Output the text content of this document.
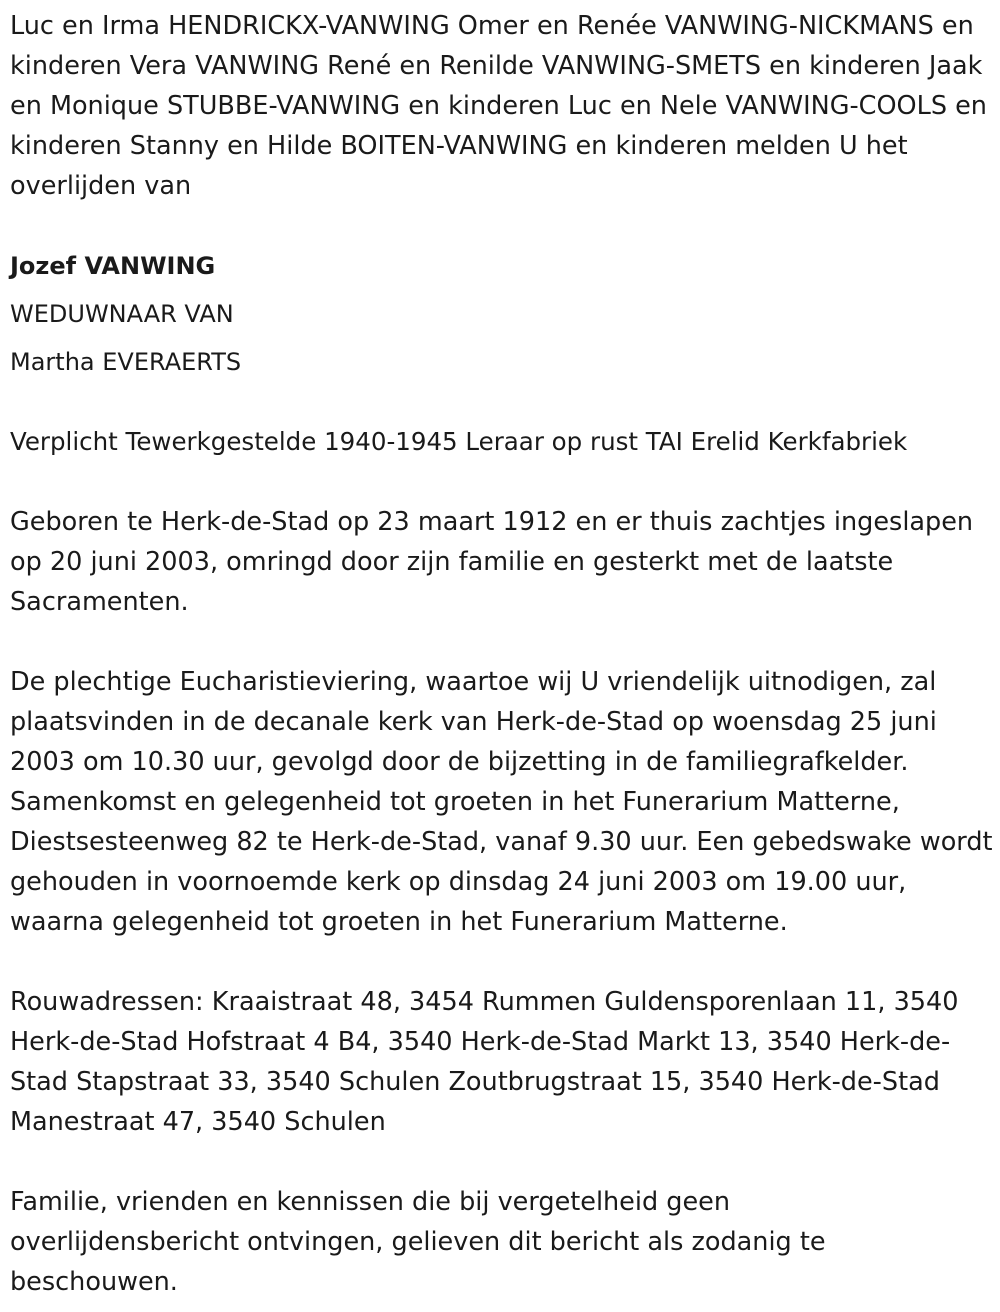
Luc en Irma HENDRICKX-VANWING Omer en Renée VANWING-NICKMANS en kinderen Vera VANWING René en Renilde VANWING-SMETS en kinderen Jaak en Monique STUBBE-VANWING en kinderen Luc en Nele VANWING-COOLS en kinderen Stanny en Hilde BOITEN-VANWING en kinderen melden U het overlijden van

Jozef VANWING

WEDUWNAAR VAN

Martha EVERAERTS

Verplicht Tewerkgestelde 1940-1945 Leraar op rust TAI Erelid Kerkfabriek

Geboren te Herk-de-Stad op 23 maart 1912 en er thuis zachtjes ingeslapen op 20 juni 2003, omringd door zijn familie en gesterkt met de laatste Sacramenten.

De plechtige Eucharistieviering, waartoe wij U vriendelijk uitnodigen, zal plaatsvinden in de decanale kerk van Herk-de-Stad op woensdag 25 juni 2003 om 10.30 uur, gevolgd door de bijzetting in de familiegrafkelder. Samenkomst en gelegenheid tot groeten in het Funerarium Matterne, Diestsesteenweg 82 te Herk-de-Stad, vanaf 9.30 uur. Een gebedswake wordt gehouden in voornoemde kerk op dinsdag 24 juni 2003 om 19.00 uur, waarna gelegenheid tot groeten in het Funerarium Matterne.

Rouwadressen: Kraaistraat 48, 3454 Rummen Guldensporenlaan 11, 3540 Herk-de-Stad Hofstraat 4 B4, 3540 Herk-de-Stad Markt 13, 3540 Herk-de-Stad Stapstraat 33, 3540 Schulen Zoutbrugstraat 15, 3540 Herk-de-Stad Manestraat 47, 3540 Schulen

Familie, vrienden en kennissen die bij vergetelheid geen overlijdensbericht ontvingen, gelieven dit bericht als zodanig te beschouwen.
